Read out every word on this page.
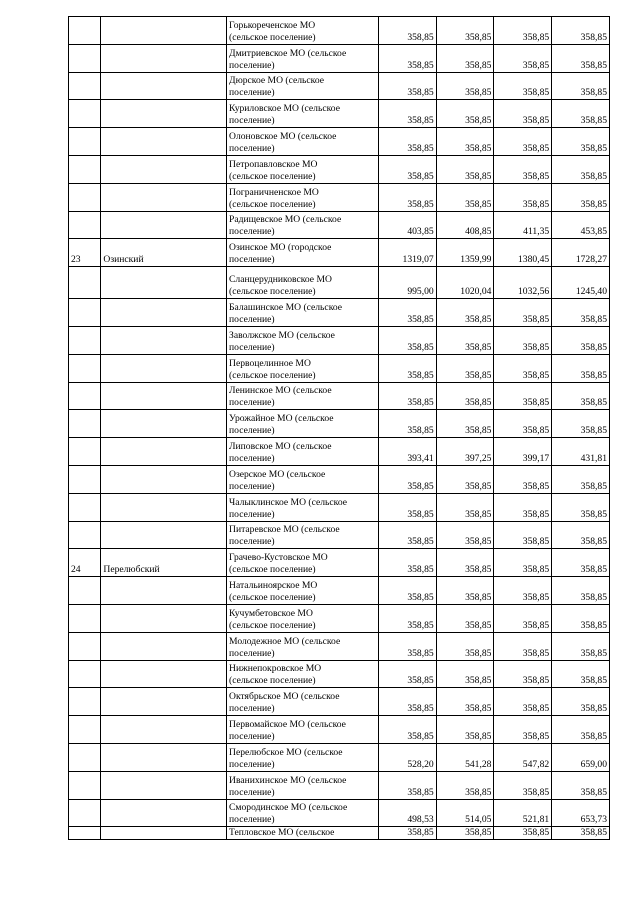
		Горькореченское МО
(сельское поселение)	358,85	358,85	358,85	358,85

		Дмитриевское МО (сельское
поселение)	358,85	358,85	358,85	358,85

		Дюрское МО (сельское
поселение)	358,85	358,85	358,85	358,85

		Куриловское МО (сельское
поселение)	358,85	358,85	358,85	358,85

		Олоновское МО (сельское
поселение)	358,85	358,85	358,85	358,85

		Петропавловское МО
(сельское поселение)	358,85	358,85	358,85	358,85

		Пограничненское МО
(сельское поселение)	358,85	358,85	358,85	358,85

		Радищевское МО (сельское
поселение)	403,85	408,85	411,35	453,85
23	Озинский	Озинское МО (городское
поселение)	1319,07	1359,99	1380,45	1728,27

		Сланцерудниковское МО
(сельское поселение)	995,00	1020,04	1032,56	1245,40

		Балашинское МО (сельское
поселение)	358,85	358,85	358,85	358,85

		Заволжское МО (сельское
поселение)	358,85	358,85	358,85	358,85

		Первоцелинное МО
(сельское поселение)	358,85	358,85	358,85	358,85

		Ленинское МО (сельское
поселение)	358,85	358,85	358,85	358,85

		Урожайное МО (сельское
поселение)	358,85	358,85	358,85	358,85

		Липовское МО (сельское
поселение)	393,41	397,25	399,17	431,81

		Озерское МО (сельское
поселение)	358,85	358,85	358,85	358,85

		Чалыклинское МО (сельское
поселение)	358,85	358,85	358,85	358,85

		Питаревское МО (сельское
поселение)	358,85	358,85	358,85	358,85
24	Перелюбский	Грачево-Кустовское МО
(сельское поселение)	358,85	358,85	358,85	358,85

		Натальиноярское МО
(сельское поселение)	358,85	358,85	358,85	358,85

		Кучумбетовское МО
(сельское поселение)	358,85	358,85	358,85	358,85

		Молодежное МО (сельское
поселение)	358,85	358,85	358,85	358,85

		Нижнепокровское МО
(сельское поселение)	358,85	358,85	358,85	358,85

		Октябрьское МО (сельское
поселение)	358,85	358,85	358,85	358,85

		Первомайское МО (сельское
поселение)	358,85	358,85	358,85	358,85

		Перелюбское МО (сельское
поселение)	528,20	541,28	547,82	659,00

		Иванихинское МО (сельское
поселение)	358,85	358,85	358,85	358,85

		Смородинское МО (сельское
поселение)	498,53	514,05	521,81	653,73

		Тепловское МО (сельское	358,85	358,85	358,85	358,85
